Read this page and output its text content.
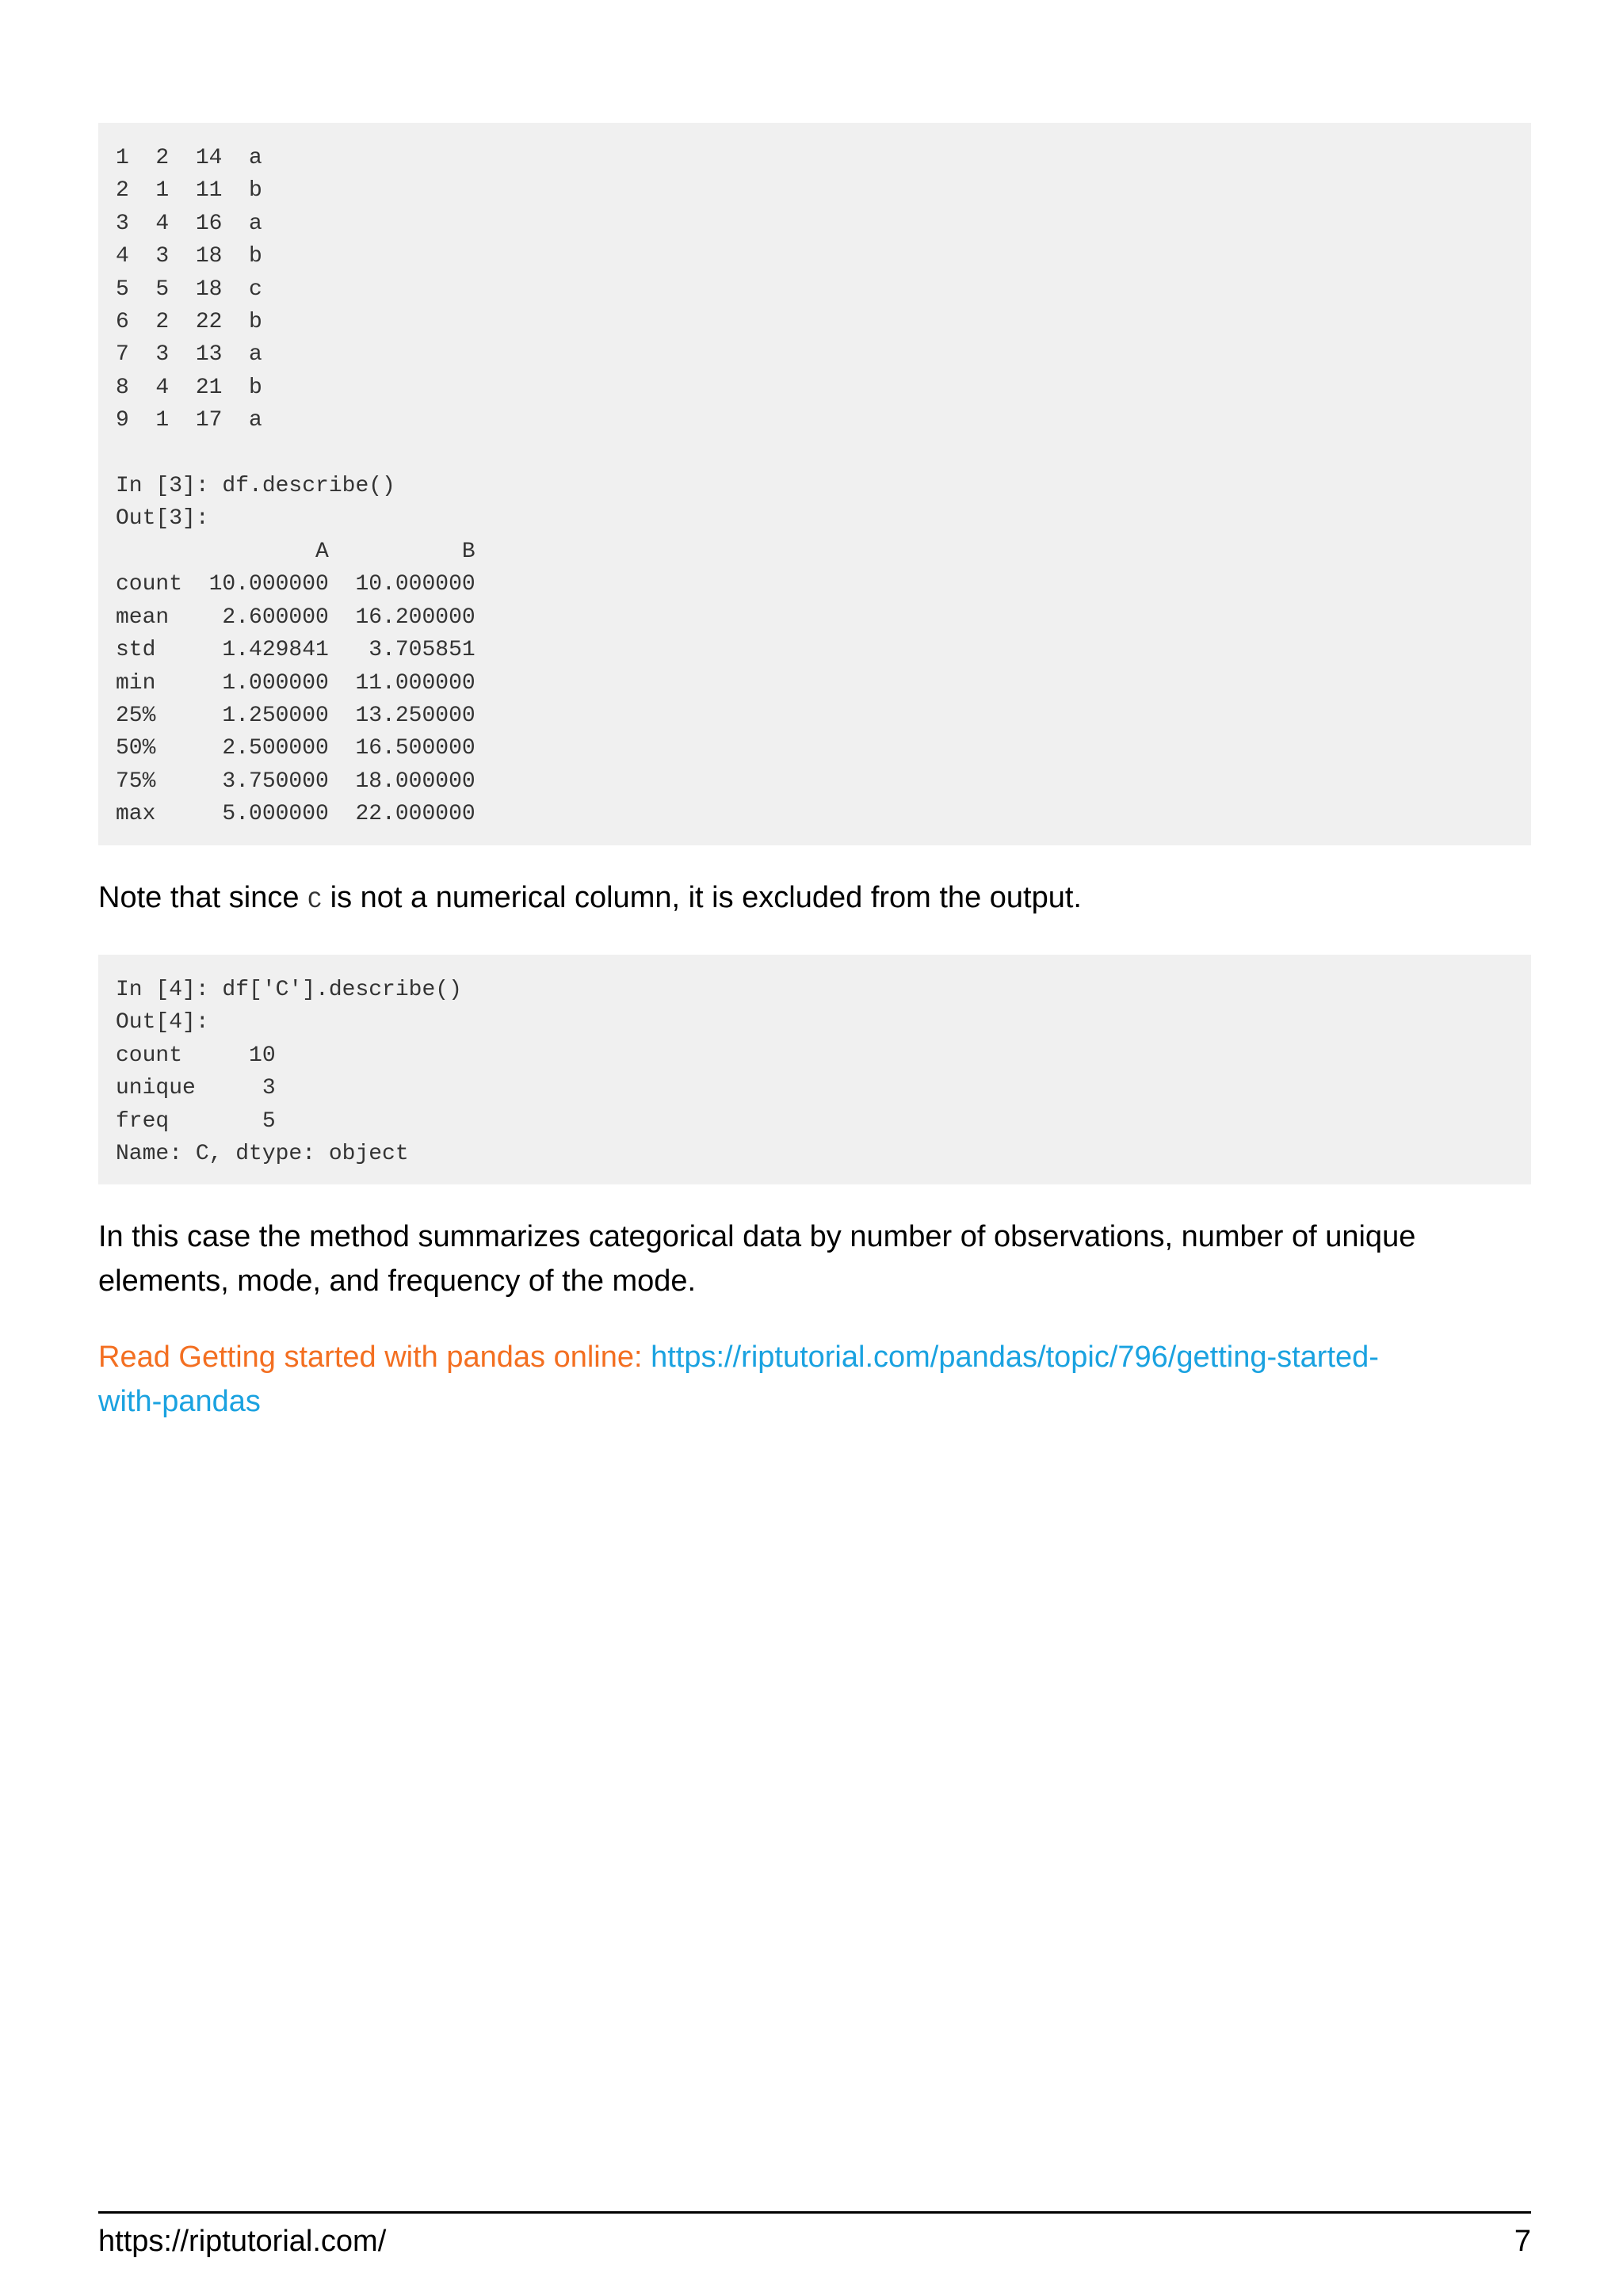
1  2  14  a
2  1  11  b
3  4  16  a
4  3  18  b
5  5  18  c
6  2  22  b
7  3  13  a
8  4  21  b
9  1  17  a

In [3]: df.describe()
Out[3]:
A          B
count  10.000000  10.000000
mean    2.600000  16.200000
std     1.429841   3.705851
min     1.000000  11.000000
25%     1.250000  13.250000
50%     2.500000  16.500000
75%     3.750000  18.000000
max     5.000000  22.000000

Note that since C is not a numerical column, it is excluded from the output.

In [4]: df['C'].describe()
Out[4]:
count     10
unique     3
freq       5
Name: C, dtype: object

In this case the method summarizes categorical data by number of observations, number of unique elements, mode, and frequency of the mode.

Read Getting started with pandas online: https://riptutorial.com/pandas/topic/796/getting-started-
with-pandas

https://riptutorial.com/	7
